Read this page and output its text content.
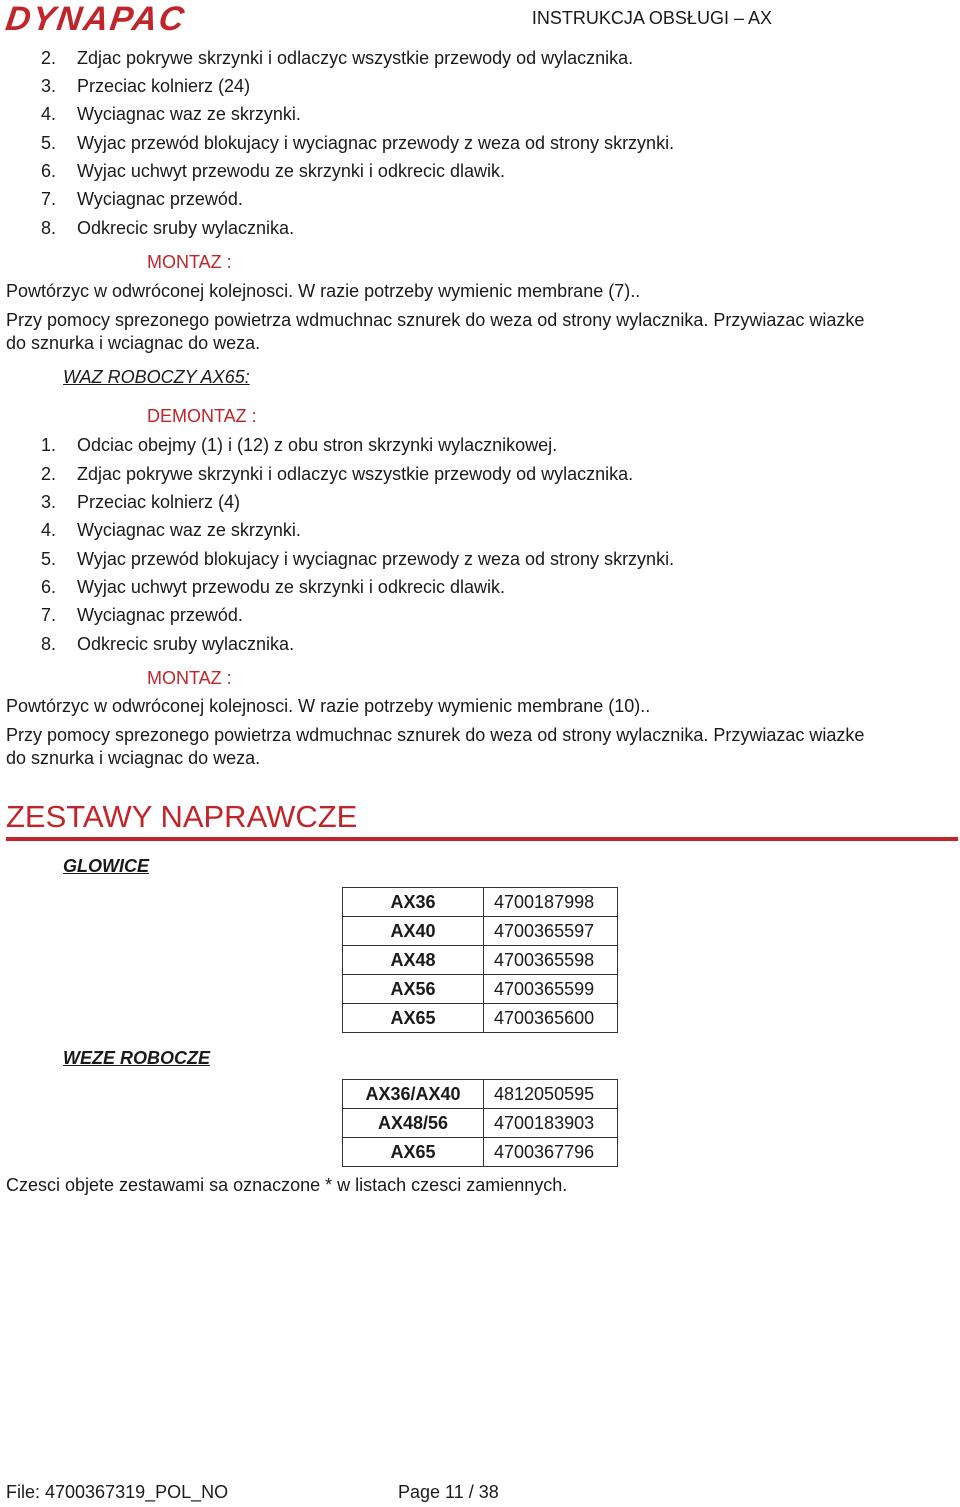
DYNAPAC	INSTRUKCJA OBSŁUGI – AX
2. Zdjac pokrywe skrzynki i odlaczyc wszystkie przewody od wylacznika.
3. Przeciac kolnierz (24)
4. Wyciagnac waz ze skrzynki.
5. Wyjac przewód blokujacy i wyciagnac przewody z weza od strony skrzynki.
6. Wyjac uchwyt przewodu ze skrzynki i odkrecic dlawik.
7. Wyciagnac przewód.
8. Odkrecic sruby wylacznika.
MONTAZ :
Powtórzyc w odwróconej kolejnosci. W razie potrzeby wymienic membrane (7)..
Przy pomocy sprezonego powietrza wdmuchnac sznurek do weza od strony wylacznika. Przywiazac wiazke
do sznurka i wciagnac do weza.
WAZ ROBOCZY AX65:
DEMONTAZ :
1. Odciac obejmy (1) i (12) z obu stron skrzynki wylacznikowej.
2. Zdjac pokrywe skrzynki i odlaczyc wszystkie przewody od wylacznika.
3. Przeciac kolnierz (4)
4. Wyciagnac waz ze skrzynki.
5. Wyjac przewód blokujacy i wyciagnac przewody z weza od strony skrzynki.
6. Wyjac uchwyt przewodu ze skrzynki i odkrecic dlawik.
7. Wyciagnac przewód.
8. Odkrecic sruby wylacznika.
MONTAZ :
Powtórzyc w odwróconej kolejnosci. W razie potrzeby wymienic membrane (10)..
Przy pomocy sprezonego powietrza wdmuchnac sznurek do weza od strony wylacznika. Przywiazac wiazke
do sznurka i wciagnac do weza.
ZESTAWY NAPRAWCZE
GLOWICE
AX36	4700187998
AX40	4700365597
AX48	4700365598
AX56	4700365599
AX65	4700365600
WEZE ROBOCZE
AX36/AX40	4812050595
AX48/56	4700183903
AX65	4700367796
Czesci objete zestawami sa oznaczone * w listach czesci zamiennych.
File: 4700367319_POL_NO	Page 11 / 38
